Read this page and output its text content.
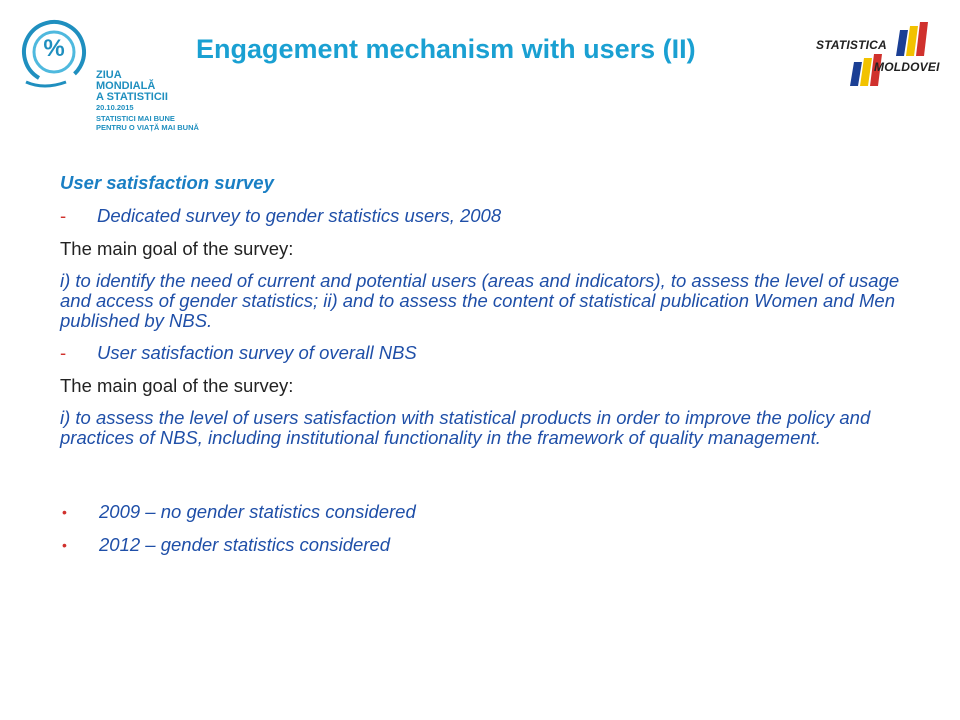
%
ZIUA
MONDIALĂ
A STATISTICII
20.10.2015
STATISTICI MAI BUNE
PENTRU O VIAȚĂ MAI BUNĂ
Engagement mechanism with users (II)	STATISTICA
MOLDOVEI

User satisfaction survey

-	Dedicated survey to gender statistics users, 2008

The main goal of the survey:

i) to identify the need of current and potential users (areas and indicators), to assess the level of usage and access of gender statistics; ii) and to assess the content of statistical publication Women and Men published by NBS.

-	User satisfaction survey of overall NBS

The main goal of the survey:

i) to assess the level of users satisfaction with statistical products in order to improve the policy and practices of NBS, including institutional functionality in the framework of quality management.

•	2009 – no gender statistics considered
•	2012 – gender statistics considered
